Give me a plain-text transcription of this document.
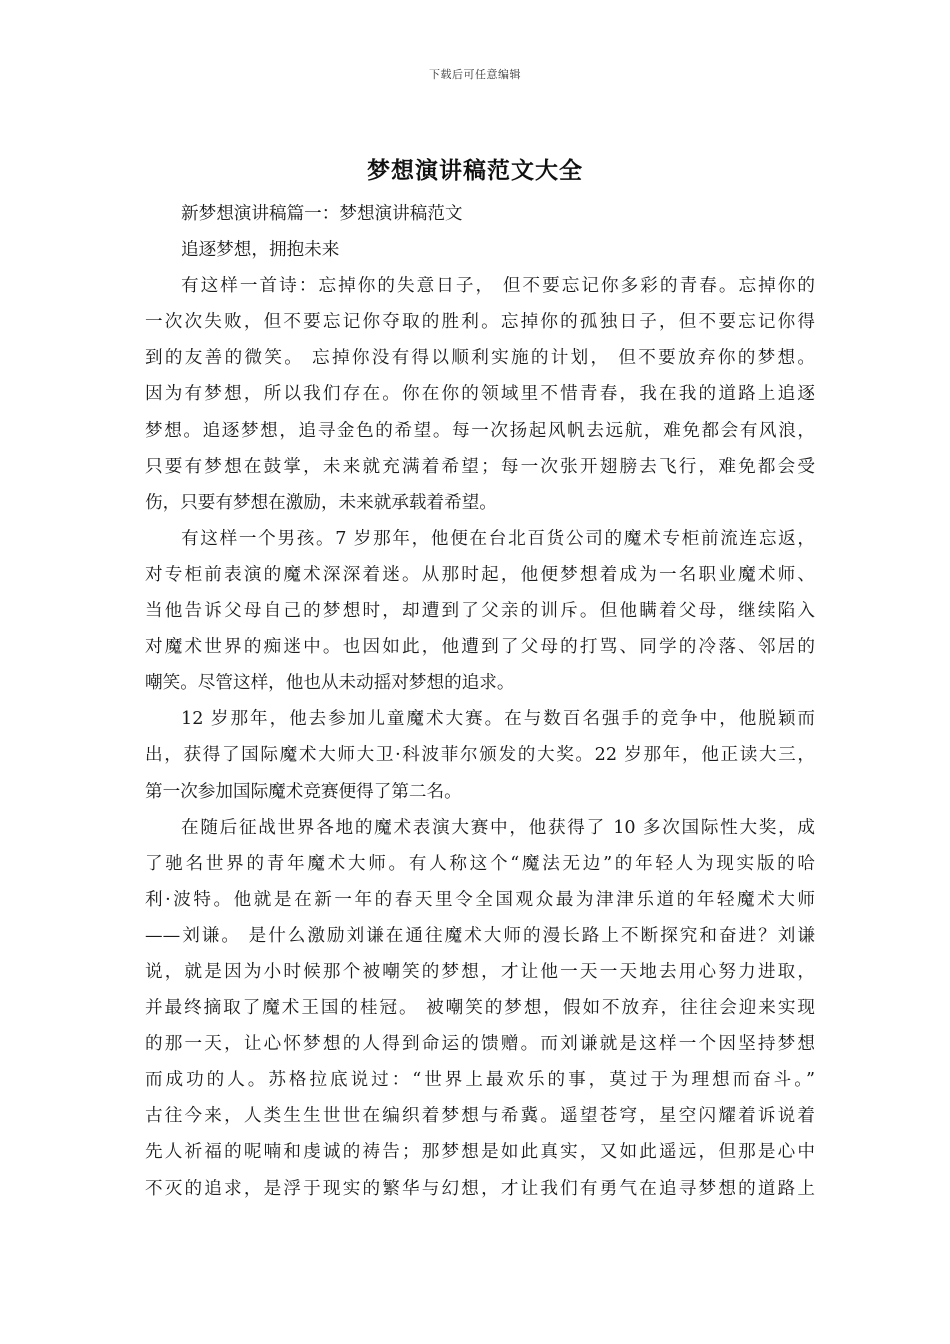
下载后可任意编辑
梦想演讲稿范文大全
新梦想演讲稿篇一：梦想演讲稿范文
追逐梦想，拥抱未来
有这样一首诗：忘掉你的失意日子， 但不要忘记你多彩的青春。忘掉你的
一次次失败，但不要忘记你夺取的胜利。忘掉你的孤独日子，但不要忘记你得
到的友善的微笑。 忘掉你没有得以顺利实施的计划， 但不要放弃你的梦想。
因为有梦想，所以我们存在。你在你的领域里不惜青春，我在我的道路上追逐
梦想。追逐梦想，追寻金色的希望。每一次扬起风帆去远航，难免都会有风浪，
只要有梦想在鼓掌，未来就充满着希望；每一次张开翅膀去飞行，难免都会受
伤，只要有梦想在激励，未来就承载着希望。
有这样一个男孩。7 岁那年，他便在台北百货公司的魔术专柜前流连忘返，
对专柜前表演的魔术深深着迷。从那时起，他便梦想着成为一名职业魔术师、
当他告诉父母自己的梦想时，却遭到了父亲的训斥。但他瞒着父母，继续陷入
对魔术世界的痴迷中。也因如此，他遭到了父母的打骂、同学的冷落、邻居的
嘲笑。尽管这样，他也从未动摇对梦想的追求。
12 岁那年，他去参加儿童魔术大赛。在与数百名强手的竞争中，他脱颖而
出，获得了国际魔术大师大卫·科波菲尔颁发的大奖。22 岁那年，他正读大三，
第一次参加国际魔术竞赛便得了第二名。
在随后征战世界各地的魔术表演大赛中，他获得了 10 多次国际性大奖，成
了驰名世界的青年魔术大师。有人称这个“魔法无边”的年轻人为现实版的哈
利·波特。他就是在新一年的春天里令全国观众最为津津乐道的年轻魔术大师
——刘谦。 是什么激励刘谦在通往魔术大师的漫长路上不断探究和奋进？刘谦
说，就是因为小时候那个被嘲笑的梦想，才让他一天一天地去用心努力进取，
并最终摘取了魔术王国的桂冠。 被嘲笑的梦想，假如不放弃，往往会迎来实现
的那一天，让心怀梦想的人得到命运的馈赠。而刘谦就是这样一个因坚持梦想
而成功的人。苏格拉底说过：“世界上最欢乐的事，莫过于为理想而奋斗。”
古往今来，人类生生世世在编织着梦想与希冀。遥望苍穹，星空闪耀着诉说着
先人祈福的呢喃和虔诚的祷告；那梦想是如此真实，又如此遥远，但那是心中
不灭的追求，是浮于现实的繁华与幻想，才让我们有勇气在追寻梦想的道路上
